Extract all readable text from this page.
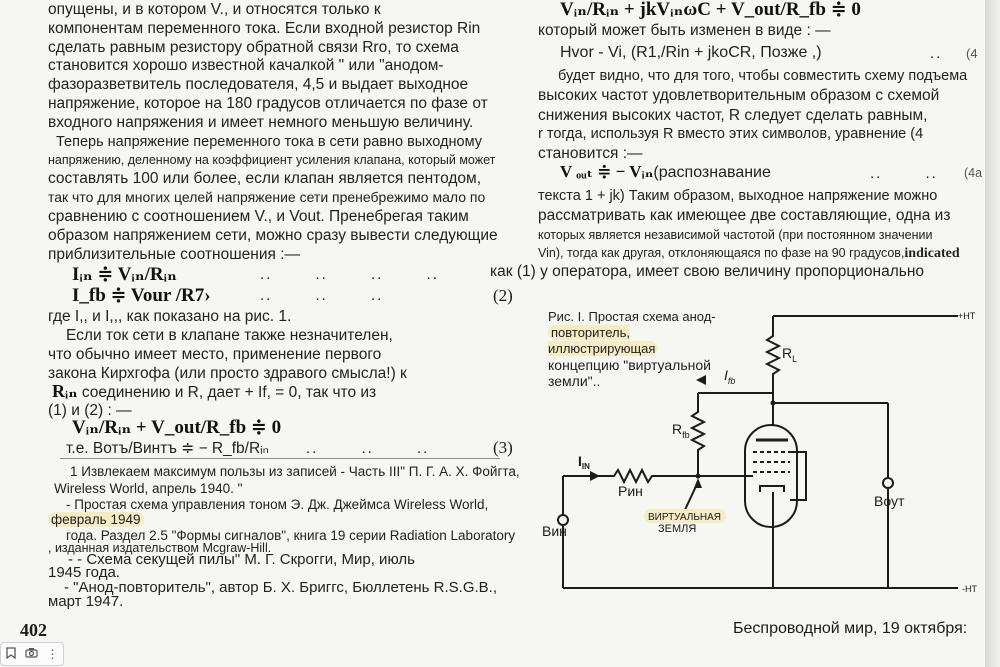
опущены, и в котором V., и относятся только к
компонентам переменного тока. Если входной резистор Rin
сделать равным резистору обратной связи Rro, то схема
становится хорошо известной качалкой " или "анодом-
фазоразветвитель последователя, 4,5 и выдает выходное
напряжение, которое на 180 градусов отличается по фазе от
входного напряжения и имеет немного меньшую величину.
Теперь напряжение переменного тока в сети равно выходному
напряжению, деленному на коэффициент усиления клапана, который может
составлять 100 или более, если клапан является пентодом,
так что для многих целей напряжение сети пренебрежимо мало по
сравнению с соотношением V., и Vout. Пренебрегая таким
образом напряжением сети, можно сразу вывести следующие
приблизительные соотношения :—
Iᵢₙ ≑ Vᵢₙ/Rᵢₙ	..       ..       ..       ..
I_fb ≑ Vour /R7›	..       ..       ..	(2)
где I,, и I,,, как показано на рис. 1.
Если ток сети в клапане также незначителен,
что обычно имеет место, применение первого
закона Кирхгофа (или просто здравого смысла!) к
Rᵢₙ соединению и R, дает + If, = 0, так что из
(1) и (2) : —
Vᵢₙ/Rᵢₙ + V_out/R_fb ≑ 0
т.е. Вотъ/Винтъ ≑ − R_fb/Rᵢₙ ..       ..       ..	(3)
1 Извлекаем максимум пользы из записей - Часть III" П. Г. А. Х. Фойгта,
Wireless World, апрель 1940. "
- Простая схема управления тоном Э. Дж. Джеймса Wireless World,
февраль 1949
года. Раздел 2.5 "Формы сигналов", книга 19 серии Radiation Laboratory
, изданная издательством Mcgraw-Hill.
- - Схема секущей пилы" М. Г. Скрогги, Мир, июль
1945 года.
- "Анод-повторитель", автор Б. Х. Бриггс, Бюллетень R.S.G.B.,
март 1947.
402
Vᵢₙ/Rᵢₙ + jkVᵢₙωC + V_out/R_fb ≑ 0
который может быть изменен в виде : —
Hvor - Vi, (R1,/Rin + jkoCR, Позже ,)	.. (4
будет видно, что для того, чтобы совместить схему подъема
высоких частот удовлетворительным образом с схемой
снижения высоких частот, R следует сделать равным,
r тогда, используя R вместо этих символов, уравнение (4
становится :—
V ₒᵤₜ ≑ − Vᵢₙ(распознавание	..       .. (4a
текста 1 + jk) Таким образом, выходное напряжение можно
рассматривать как имеющее две составляющие, одна из
которых является независимой частотой (при постоянном значении
Vin), тогда как другая, отклоняющаяся по фазе на 90 градусов,indicated
как (1) у оператора, имеет свою величину пропорционально
Рис. I. Простая схема анод-
повторитель, иллюстрирующая
концепцию "виртуальной
земли"..
+HT
-HT
$R_L$
$I_{fb}$
$R_{fb}$
$I_{IN}$
Рин
ВИРТУАЛЬНАЯ
ЗЕМЛЯ
Вин
Воут
Беспроводной мир, 19 октября:
⋮
